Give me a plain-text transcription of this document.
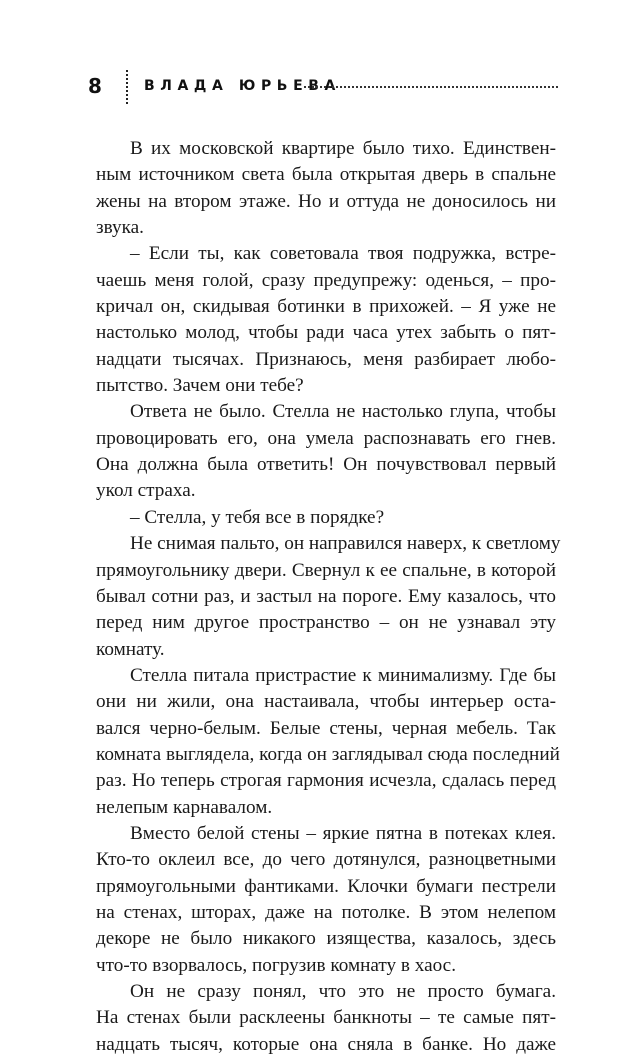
8	ВЛАДА ЮРЬЕВА
В их московской квартире было тихо. Единствен-
ным источником света была открытая дверь в спальне
жены на втором этаже. Но и оттуда не доносилось ни
звука.
– Если ты, как советовала твоя подружка, встре-
чаешь меня голой, сразу предупрежу: оденься, – про-
кричал он, скидывая ботинки в прихожей. – Я уже не
настолько молод, чтобы ради часа утех забыть о пят-
надцати тысячах. Признаюсь, меня разбирает любо-
пытство. Зачем они тебе?
Ответа не было. Стелла не настолько глупа, чтобы
провоцировать его, она умела распознавать его гнев.
Она должна была ответить! Он почувствовал первый
укол страха.
– Стелла, у тебя все в порядке?
Не снимая пальто, он направился наверх, к светлому
прямоугольнику двери. Свернул к ее спальне, в которой
бывал сотни раз, и застыл на пороге. Ему казалось, что
перед ним другое пространство – он не узнавал эту
комнату.
Стелла питала пристрастие к минимализму. Где бы
они ни жили, она настаивала, чтобы интерьер оста-
вался черно-белым. Белые стены, черная мебель. Так
комната выглядела, когда он заглядывал сюда последний
раз. Но теперь строгая гармония исчезла, сдалась перед
нелепым карнавалом.
Вместо белой стены – яркие пятна в потеках клея.
Кто-то оклеил все, до чего дотянулся, разноцветными
прямоугольными фантиками. Клочки бумаги пестрели
на стенах, шторах, даже на потолке. В этом нелепом
декоре не было никакого изящества, казалось, здесь
что-то взорвалось, погрузив комнату в хаос.
Он не сразу понял, что это не просто бумага.
На стенах были расклеены банкноты – те самые пят-
надцать тысяч, которые она сняла в банке. Но даже
